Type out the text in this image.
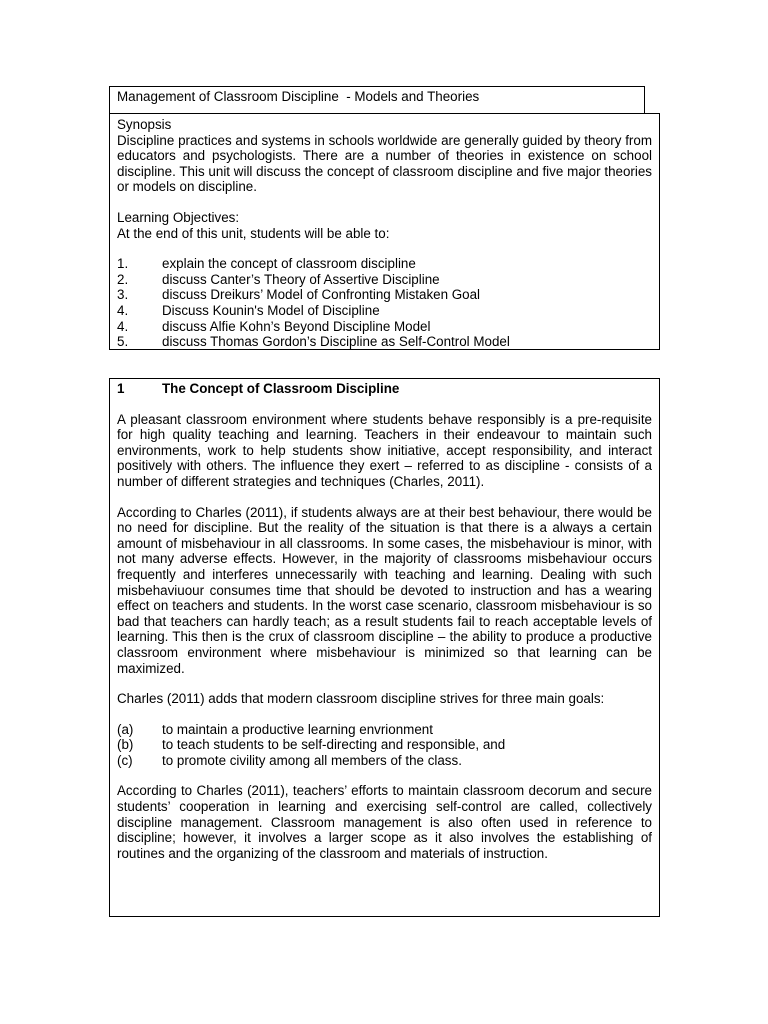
Management of Classroom Discipline  - Models and Theories

Synopsis

Discipline practices and systems in schools worldwide are generally guided by theory from educators and psychologists. There are a number of theories in existence on school discipline. This unit will discuss the concept of classroom discipline and five major theories or models on discipline.

Learning Objectives:

At the end of this unit, students will be able to:

1.	explain the concept of classroom discipline
2.	discuss Canter’s Theory of Assertive Discipline
3.	discuss Dreikurs’ Model of Confronting Mistaken Goal
4.	Discuss Kounin's Model of Discipline
4.	discuss Alfie Kohn’s Beyond Discipline Model
5.	discuss Thomas Gordon’s Discipline as Self-Control Model
1	The Concept of Classroom Discipline

A pleasant classroom environment where students behave responsibly is a pre-requisite for high quality teaching and learning. Teachers in their endeavour to maintain such environments, work to help students show initiative, accept responsibility, and interact positively with others. The influence they exert – referred to as discipline - consists of a number of different strategies and techniques (Charles, 2011).

According to Charles (2011), if students always are at their best behaviour, there would be no need for discipline. But the reality of the situation is that there is a always a certain amount of misbehaviour in all classrooms. In some cases, the misbehaviour is minor, with not many adverse effects. However, in the majority of classrooms misbehaviour occurs frequently and interferes unnecessarily with teaching and learning. Dealing with such misbehaviuour consumes time that should be devoted to instruction and has a wearing effect on teachers and students. In the worst case scenario, classroom misbehaviour is so bad that teachers can hardly teach; as a result students fail to reach acceptable levels of learning. This then is the crux of classroom discipline – the ability to produce a productive classroom environment where misbehaviour is minimized so that learning can be maximized.

Charles (2011) adds that modern classroom discipline strives for three main goals:

(a)	to maintain a productive learning envrionment
(b)	to teach students to be self-directing and responsible, and
(c)	to promote civility among all members of the class.

According to Charles (2011), teachers’ efforts to maintain classroom decorum and secure students’ cooperation in learning and exercising self-control are called, collectively discipline management. Classroom management is also often used in reference to discipline; however, it involves a larger scope as it also involves the establishing of routines and the organizing of the classroom and materials of instruction.
